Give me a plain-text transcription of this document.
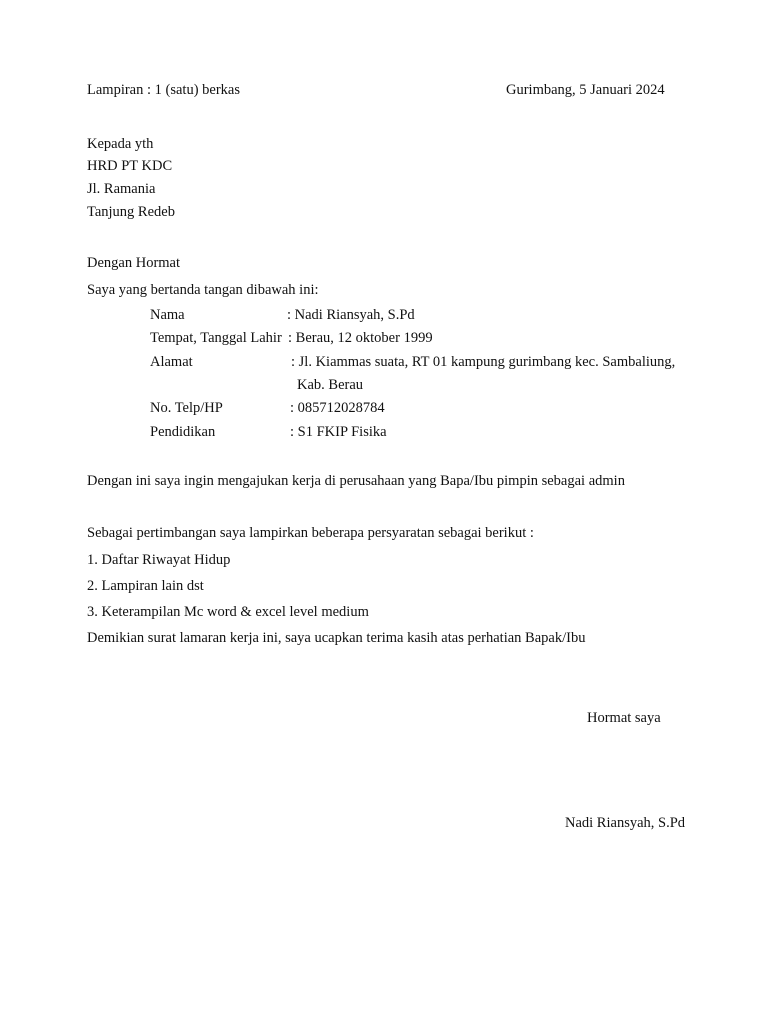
Lampiran : 1 (satu) berkas	Gurimbang, 5 Januari 2024
Kepada yth
HRD PT KDC
Jl. Ramania
Tanjung Redeb
Dengan Hormat
Saya yang bertanda tangan dibawah ini:
Nama	: Nadi Riansyah, S.Pd
Tempat, Tanggal Lahir : Berau, 12 oktober 1999
Alamat	: Jl. Kiammas suata, RT 01 kampung gurimbang kec. Sambaliung,
Kab. Berau
No. Telp/HP	: 085712028784
Pendidikan	: S1 FKIP Fisika
Dengan ini saya ingin mengajukan kerja di perusahaan yang Bapa/Ibu pimpin sebagai admin
Sebagai pertimbangan saya lampirkan beberapa persyaratan sebagai berikut :
1. Daftar Riwayat Hidup
2. Lampiran lain dst
3. Keterampilan Mc word & excel level medium
Demikian surat lamaran kerja ini, saya ucapkan terima kasih atas perhatian Bapak/Ibu
Hormat saya
Nadi Riansyah, S.Pd
